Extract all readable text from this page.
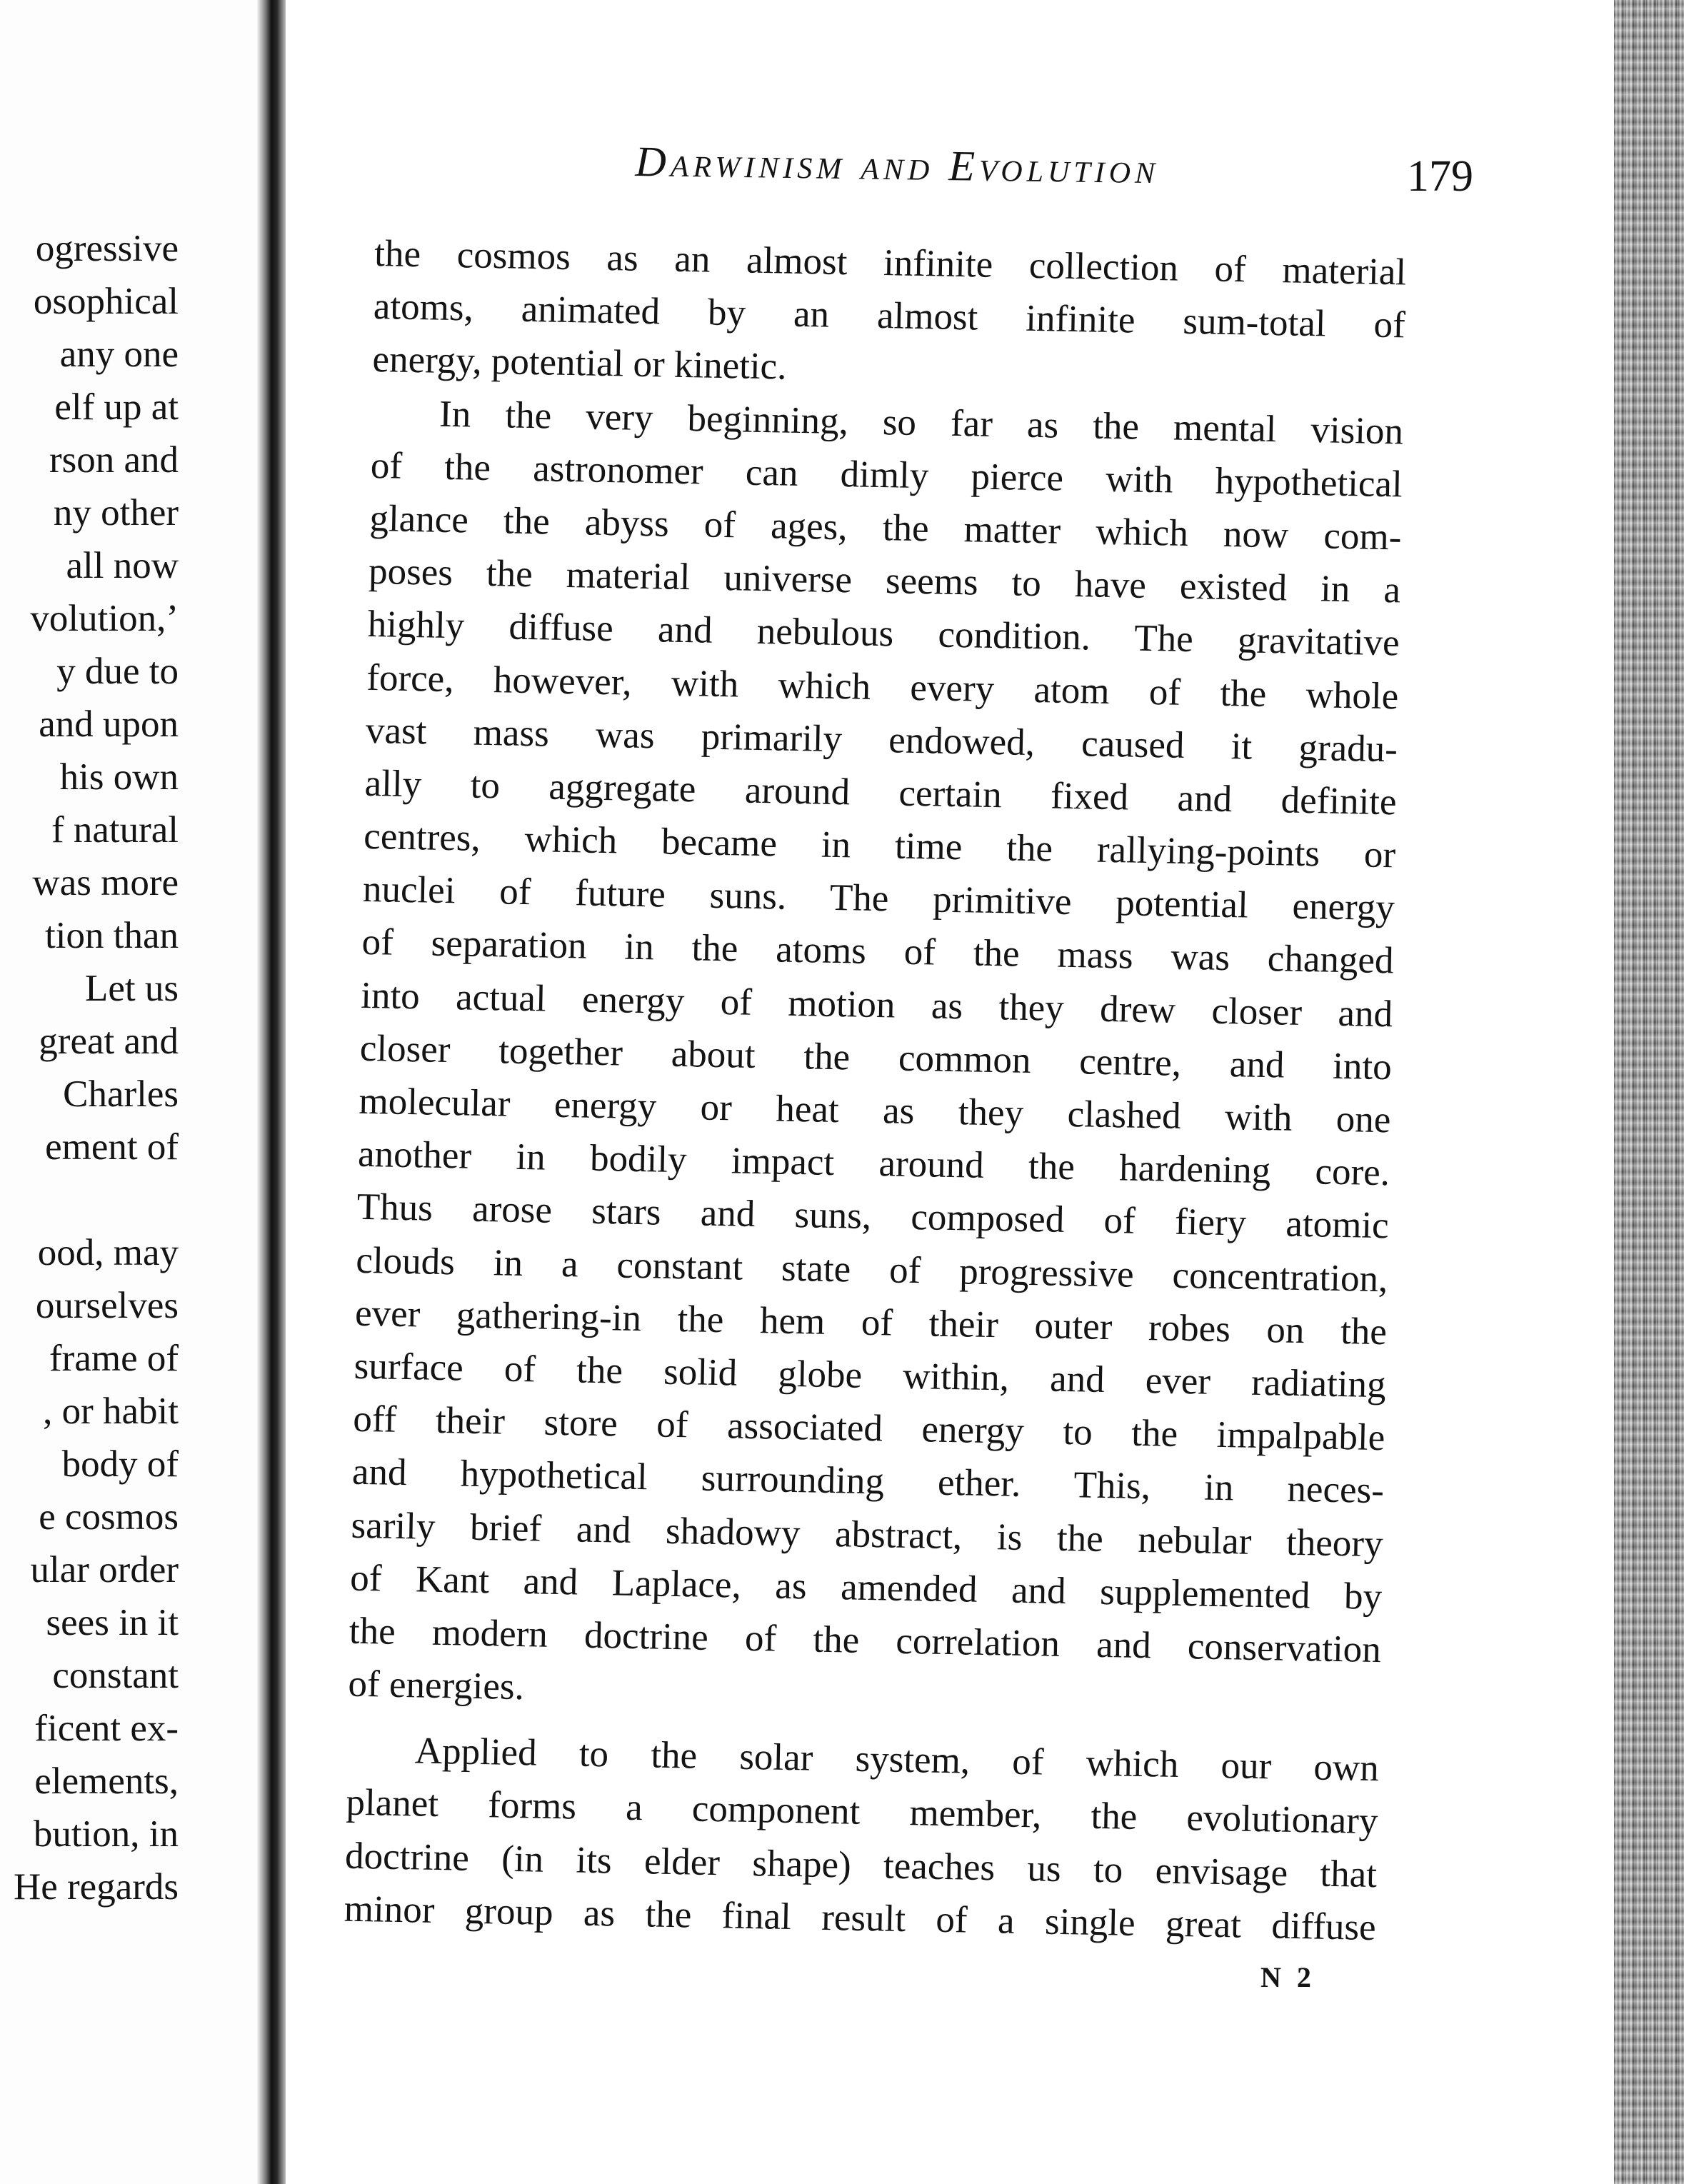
ogressive
osophical
any one
elf up at
rson and
ny other
all now
volution,’
y due to
and upon
his own
f natural
was more
tion than
Let us
great and
Charles
ement of
ood, may
ourselves
frame of
, or habit
body of
e cosmos
ular order
sees in it
constant
ficent ex-
elements,
bution, in
He regards
Darwinism and Evolution	179
the cosmos as an almost infinite collection of material
atoms, animated by an almost infinite sum-total of
energy, potential or kinetic.
In the very beginning, so far as the mental vision
of the astronomer can dimly pierce with hypothetical
glance the abyss of ages, the matter which now com-
poses the material universe seems to have existed in a
highly diffuse and nebulous condition. The gravitative
force, however, with which every atom of the whole
vast mass was primarily endowed, caused it gradu-
ally to aggregate around certain fixed and definite
centres, which became in time the rallying-points or
nuclei of future suns. The primitive potential energy
of separation in the atoms of the mass was changed
into actual energy of motion as they drew closer and
closer together about the common centre, and into
molecular energy or heat as they clashed with one
another in bodily impact around the hardening core.
Thus arose stars and suns, composed of fiery atomic
clouds in a constant state of progressive concentration,
ever gathering-in the hem of their outer robes on the
surface of the solid globe within, and ever radiating
off their store of associated energy to the impalpable
and hypothetical surrounding ether. This, in neces-
sarily brief and shadowy abstract, is the nebular theory
of Kant and Laplace, as amended and supplemented by
the modern doctrine of the correlation and conservation
of energies.
Applied to the solar system, of which our own
planet forms a component member, the evolutionary
doctrine (in its elder shape) teaches us to envisage that
minor group as the final result of a single great diffuse
N 2
